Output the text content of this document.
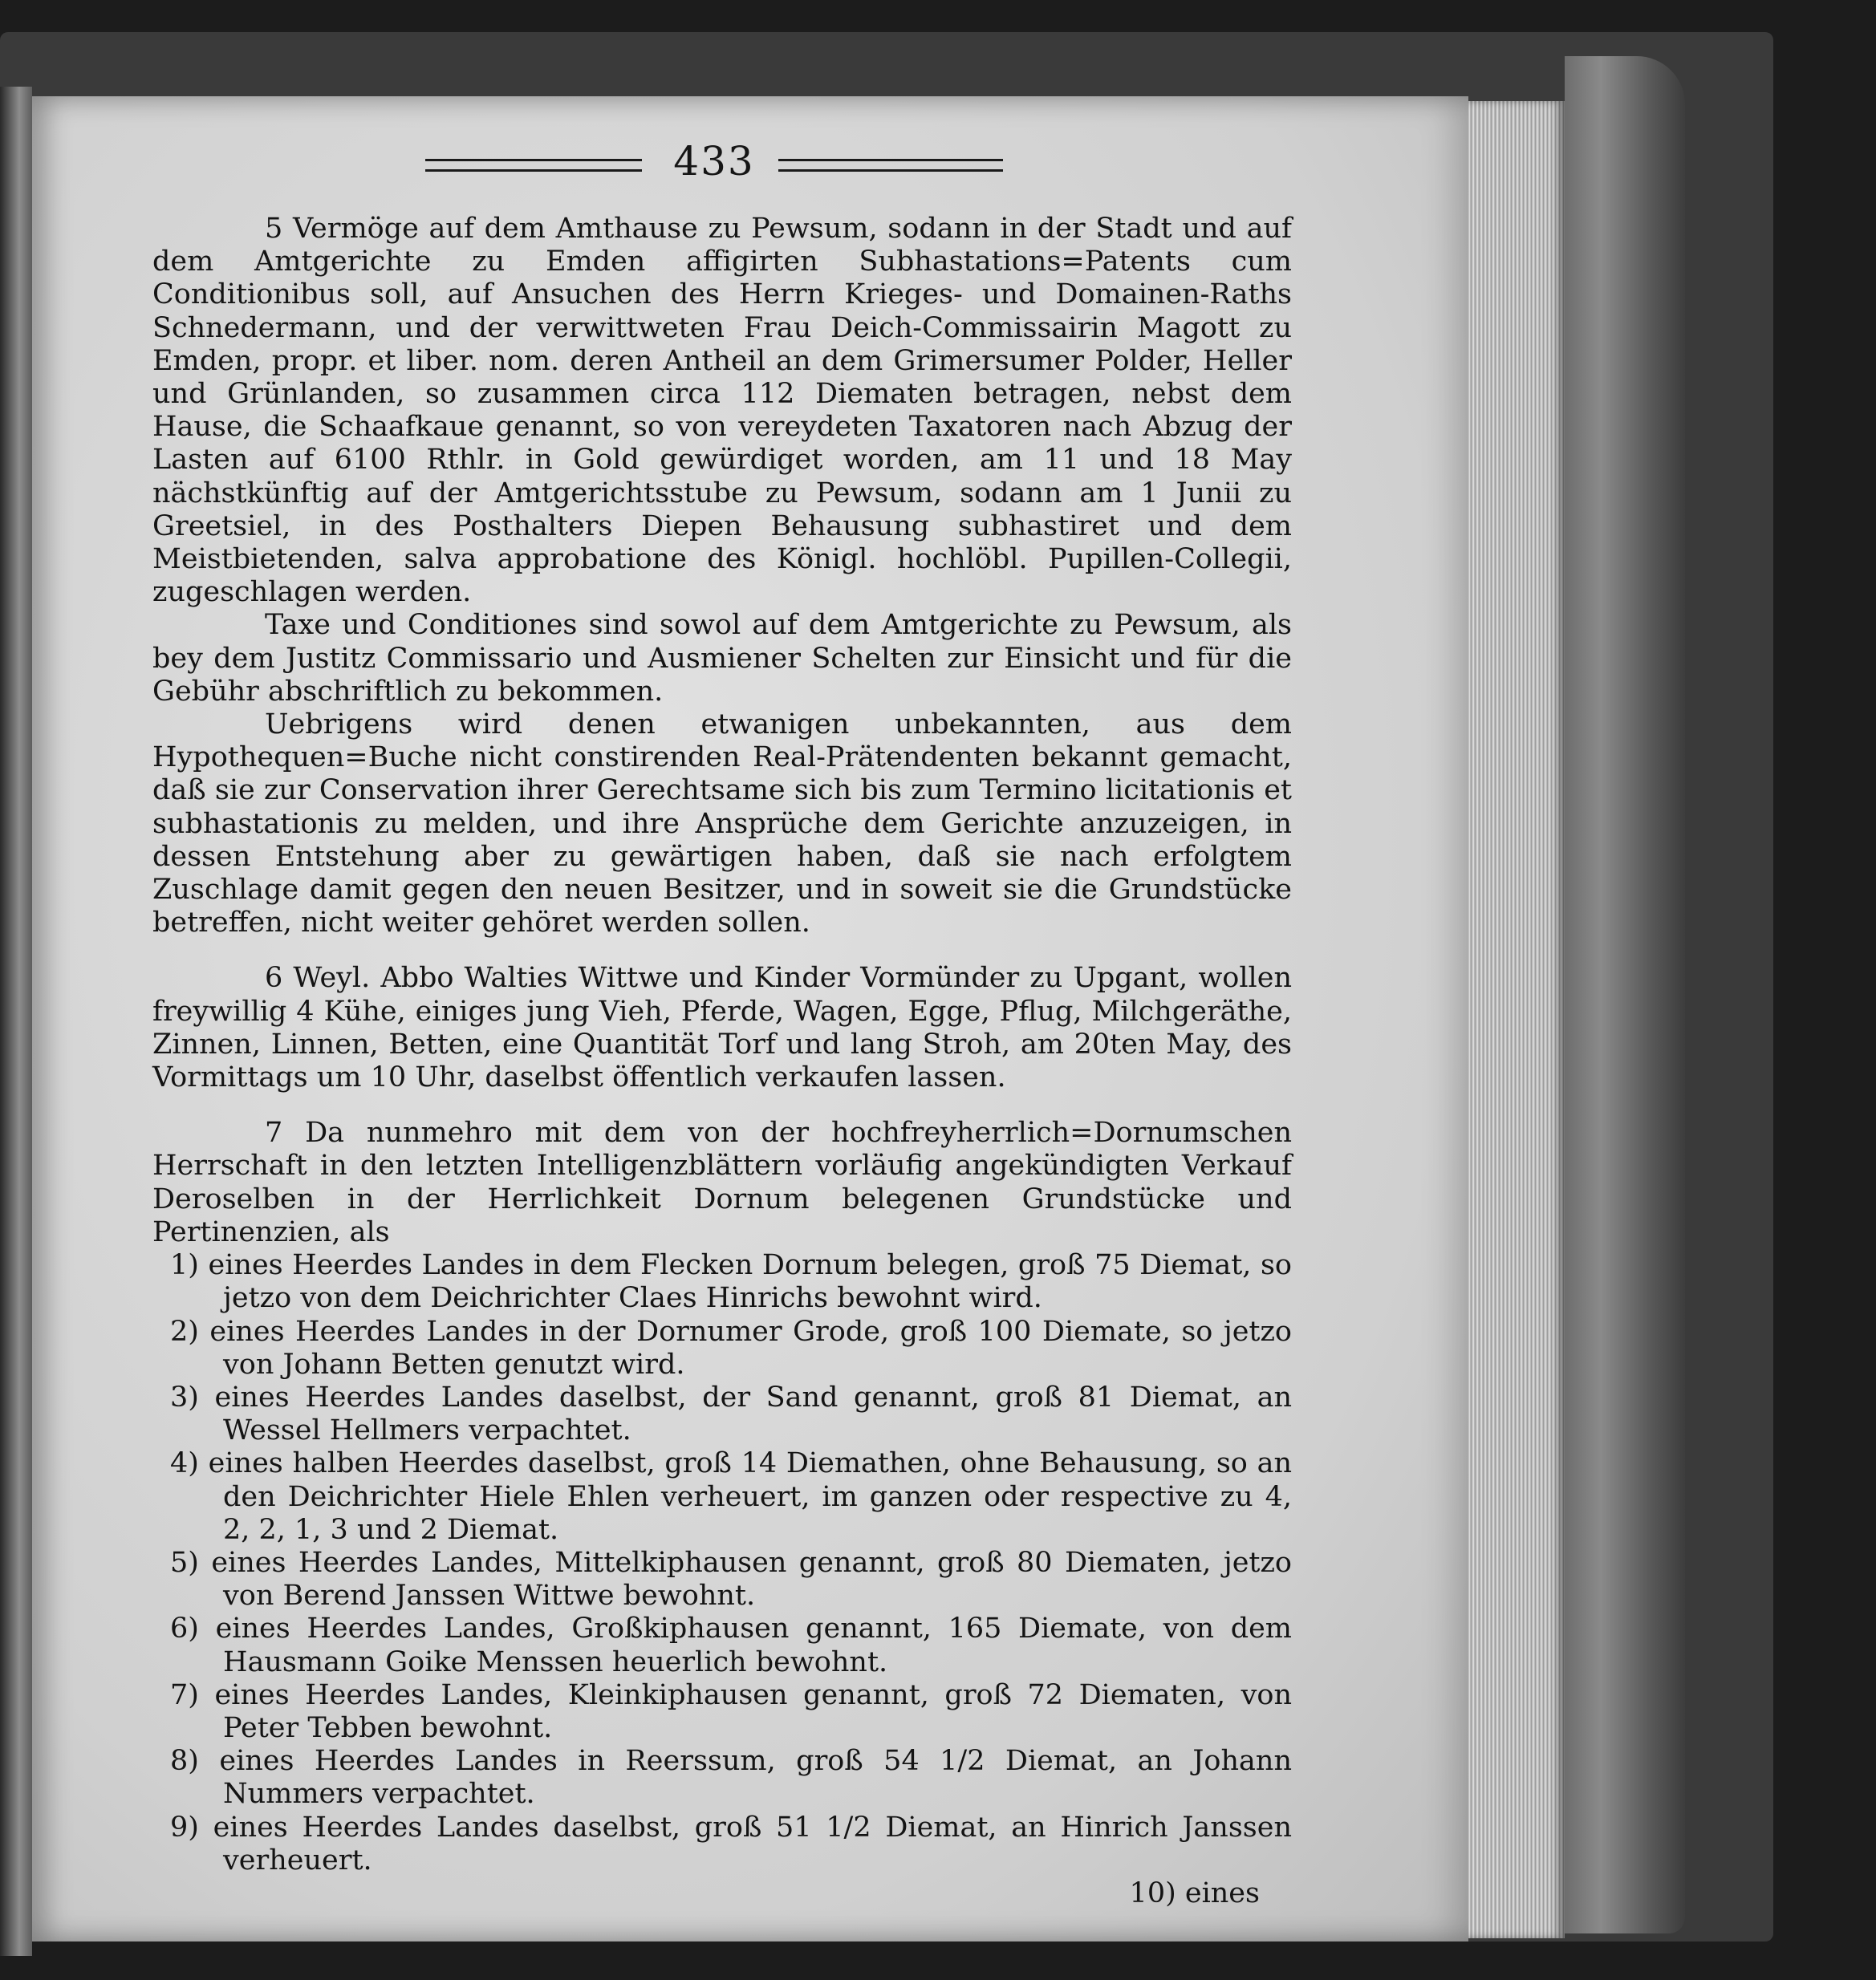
433

5 Vermöge auf dem Amthause zu Pewsum, sodann in der Stadt und auf dem Amtgerichte zu Emden affigirten Subhastations=Patents cum Conditionibus soll, auf Ansuchen des Herrn Krieges- und Domainen-Raths Schnedermann, und der verwittweten Frau Deich-Commissairin Magott zu Emden, propr. et liber. nom. deren Antheil an dem Grimersumer Polder, Heller und Grünlanden, so zusammen circa 112 Diematen betragen, nebst dem Hause, die Schaafkaue genannt, so von vereydeten Taxatoren nach Abzug der Lasten auf 6100 Rthlr. in Gold gewürdiget worden, am 11 und 18 May nächstkünftig auf der Amtgerichtsstube zu Pewsum, sodann am 1 Junii zu Greetsiel, in des Posthalters Diepen Behausung subhastiret und dem Meistbietenden, salva approbatione des Königl. hochlöbl. Pupillen-Collegii, zugeschlagen werden.

Taxe und Conditiones sind sowol auf dem Amtgerichte zu Pewsum, als bey dem Justitz Commissario und Ausmiener Schelten zur Einsicht und für die Gebühr abschriftlich zu bekommen.

Uebrigens wird denen etwanigen unbekannten, aus dem Hypothequen=Buche nicht constirenden Real-Prätendenten bekannt gemacht, daß sie zur Conservation ihrer Gerechtsame sich bis zum Termino licitationis et subhastationis zu melden, und ihre Ansprüche dem Gerichte anzuzeigen, in dessen Entstehung aber zu gewärtigen haben, daß sie nach erfolgtem Zuschlage damit gegen den neuen Besitzer, und in soweit sie die Grundstücke betreffen, nicht weiter gehöret werden sollen.

6 Weyl. Abbo Walties Wittwe und Kinder Vormünder zu Upgant, wollen freywillig 4 Kühe, einiges jung Vieh, Pferde, Wagen, Egge, Pflug, Milchgeräthe, Zinnen, Linnen, Betten, eine Quantität Torf und lang Stroh, am 20ten May, des Vormittags um 10 Uhr, daselbst öffentlich verkaufen lassen.

7 Da nunmehro mit dem von der hochfreyherrlich=Dornumschen Herrschaft in den letzten Intelligenzblättern vorläufig angekündigten Verkauf Deroselben in der Herrlichkeit Dornum belegenen Grundstücke und Pertinenzien, als

1) eines Heerdes Landes in dem Flecken Dornum belegen, groß 75 Diemat, so jetzo von dem Deichrichter Claes Hinrichs bewohnt wird.
2) eines Heerdes Landes in der Dornumer Grode, groß 100 Diemate, so jetzo von Johann Betten genutzt wird.
3) eines Heerdes Landes daselbst, der Sand genannt, groß 81 Diemat, an Wessel Hellmers verpachtet.
4) eines halben Heerdes daselbst, groß 14 Diemathen, ohne Behausung, so an den Deichrichter Hiele Ehlen verheuert, im ganzen oder respective zu 4, 2, 2, 1, 3 und 2 Diemat.
5) eines Heerdes Landes, Mittelkiphausen genannt, groß 80 Diematen, jetzo von Berend Janssen Wittwe bewohnt.
6) eines Heerdes Landes, Großkiphausen genannt, 165 Diemate, von dem Hausmann Goike Menssen heuerlich bewohnt.
7) eines Heerdes Landes, Kleinkiphausen genannt, groß 72 Diematen, von Peter Tebben bewohnt.
8) eines Heerdes Landes in Reerssum, groß 54 1/2 Diemat, an Johann Nummers verpachtet.
9) eines Heerdes Landes daselbst, groß 51 1/2 Diemat, an Hinrich Janssen verheuert.

10) eines
